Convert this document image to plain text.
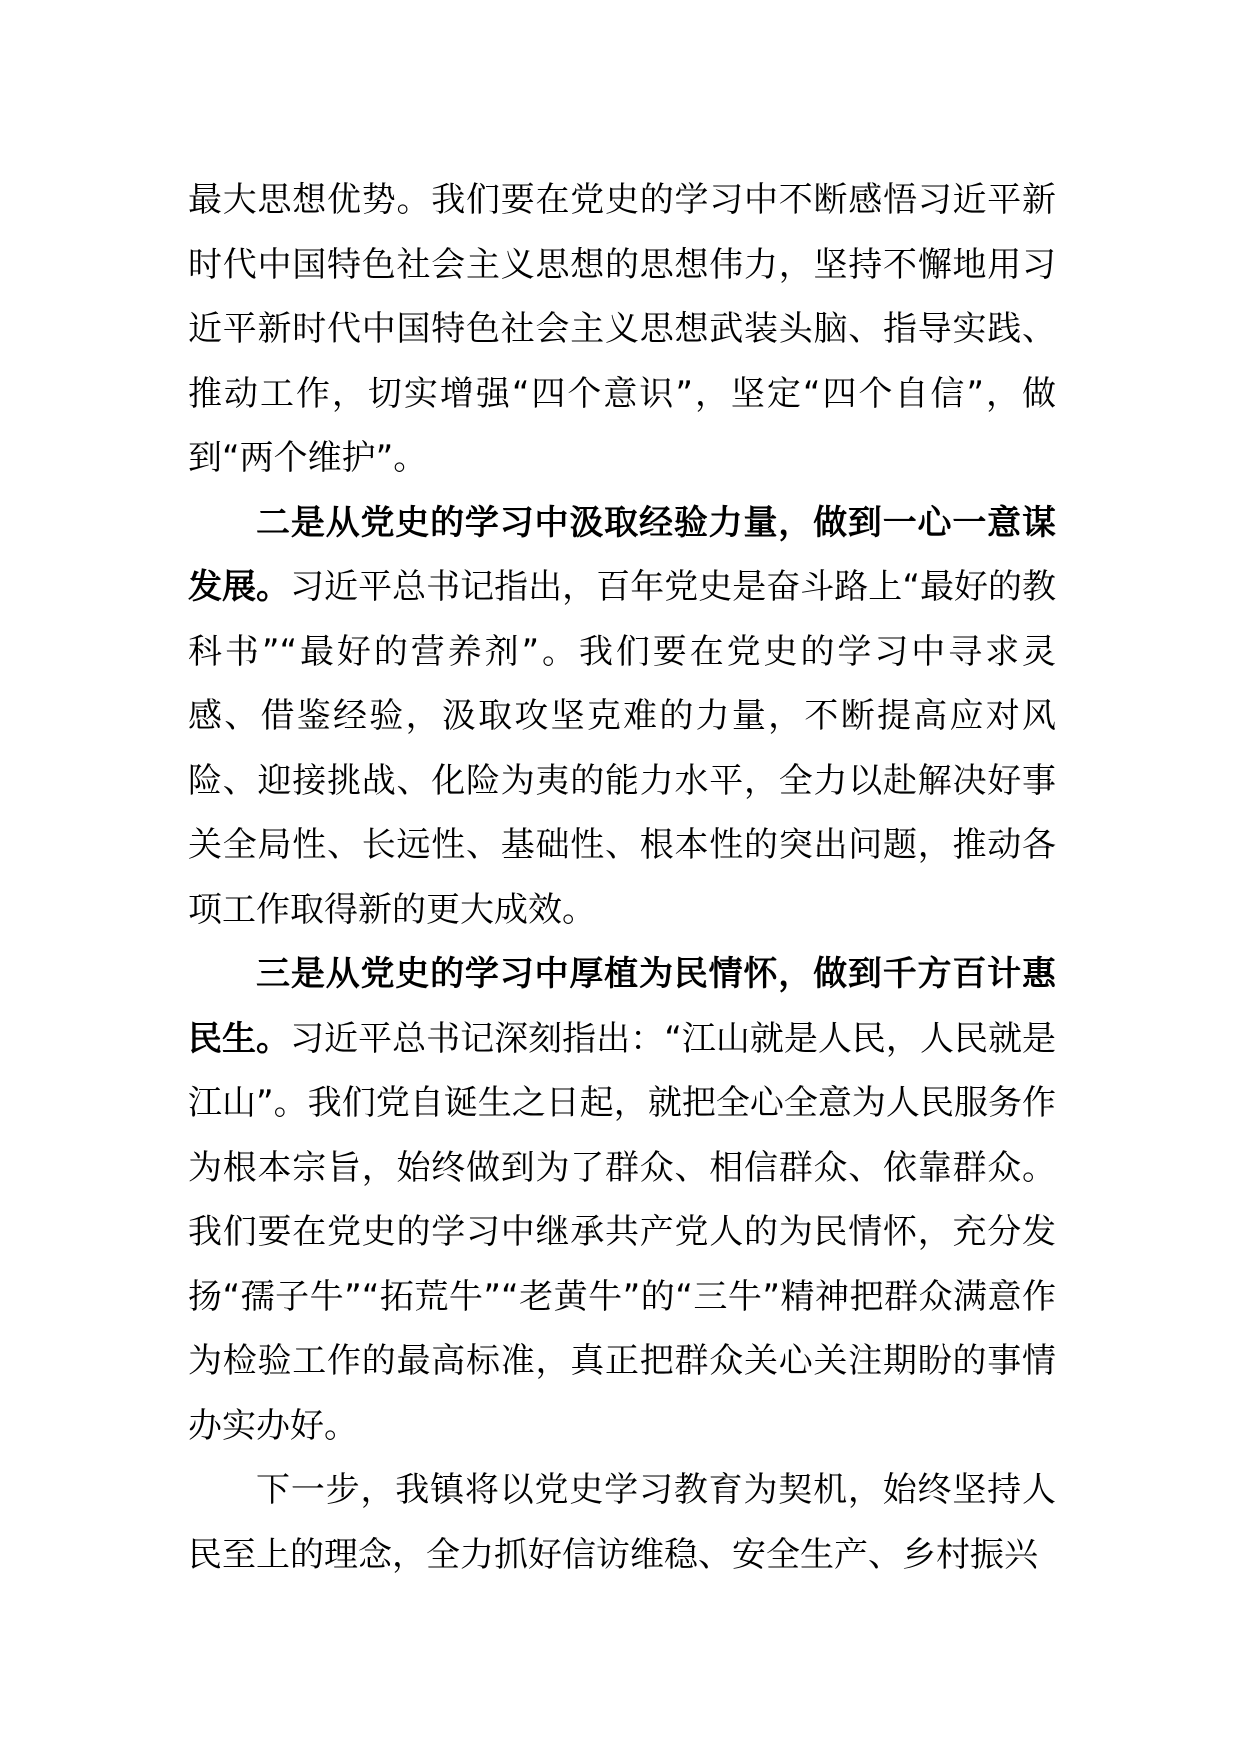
最大思想优势。我们要在党史的学习中不断感悟习近平新时代中国特色社会主义思想的思想伟力，坚持不懈地用习近平新时代中国特色社会主义思想武装头脑、指导实践、推动工作，切实增强“四个意识”，坚定“四个自信”，做到“两个维护”。

二是从党史的学习中汲取经验力量，做到一心一意谋发展。习近平总书记指出，百年党史是奋斗路上“最好的教科书”“最好的营养剂”。我们要在党史的学习中寻求灵感、借鉴经验，汲取攻坚克难的力量，不断提高应对风险、迎接挑战、化险为夷的能力水平，全力以赴解决好事关全局性、长远性、基础性、根本性的突出问题，推动各项工作取得新的更大成效。

三是从党史的学习中厚植为民情怀，做到千方百计惠民生。习近平总书记深刻指出：“江山就是人民，人民就是江山”。我们党自诞生之日起，就把全心全意为人民服务作为根本宗旨，始终做到为了群众、相信群众、依靠群众。我们要在党史的学习中继承共产党人的为民情怀，充分发扬“孺子牛”“拓荒牛”“老黄牛”的“三牛”精神把群众满意作为检验工作的最高标准，真正把群众关心关注期盼的事情办实办好。

下一步，我镇将以党史学习教育为契机，始终坚持人民至上的理念，全力抓好信访维稳、安全生产、乡村振兴
